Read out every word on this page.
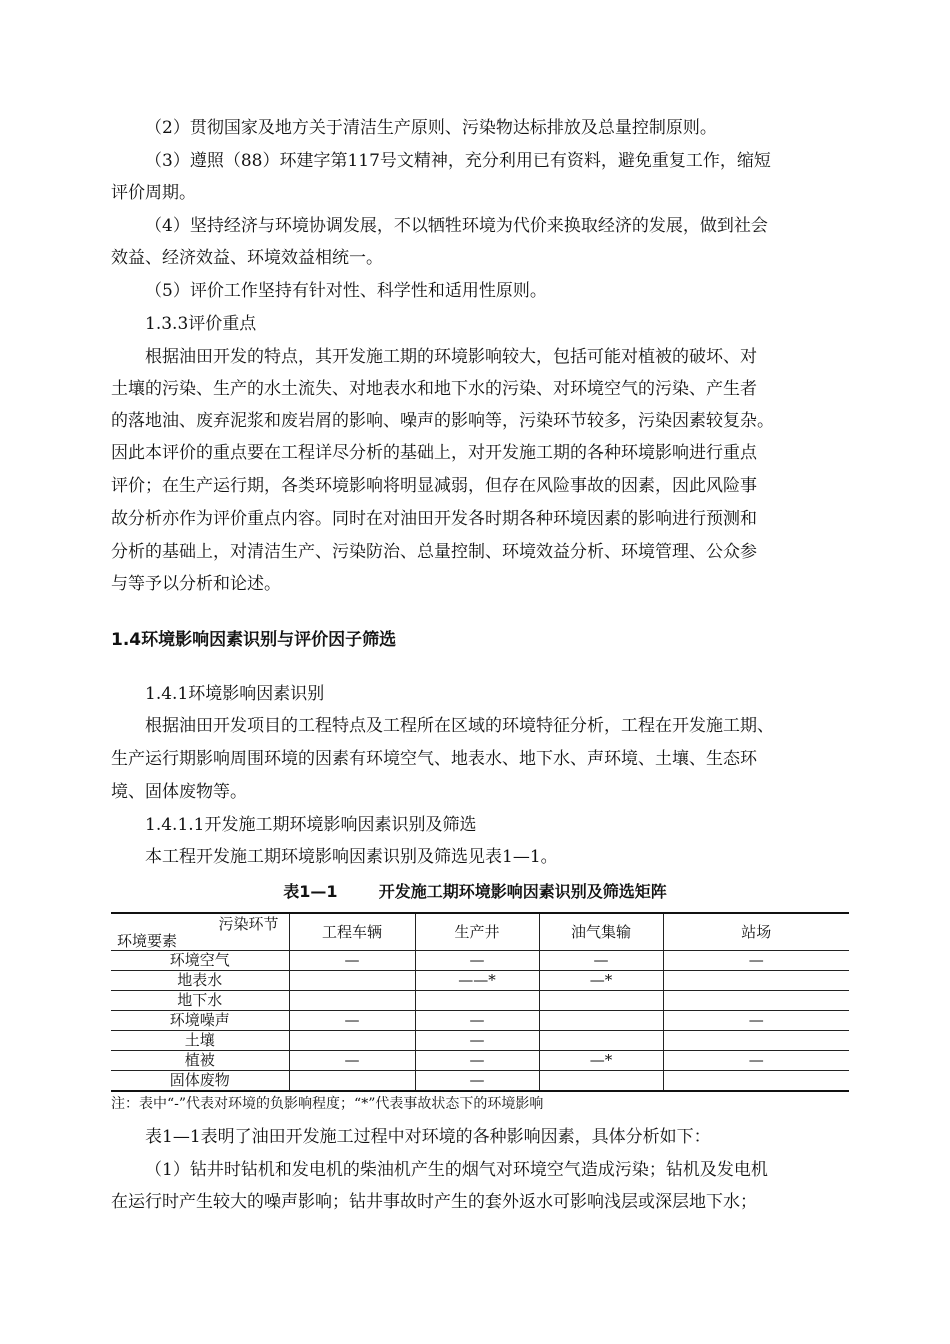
（2）贯彻国家及地方关于清洁生产原则、污染物达标排放及总量控制原则。
（3）遵照（88）环建字第117号文精神，充分利用已有资料，避免重复工作，缩短
评价周期。
（4）坚持经济与环境协调发展，不以牺牲环境为代价来换取经济的发展，做到社会
效益、经济效益、环境效益相统一。
（5）评价工作坚持有针对性、科学性和适用性原则。
1.3.3评价重点
根据油田开发的特点，其开发施工期的环境影响较大，包括可能对植被的破坏、对
土壤的污染、生产的水土流失、对地表水和地下水的污染、对环境空气的污染、产生者
的落地油、废弃泥浆和废岩屑的影响、噪声的影响等，污染环节较多，污染因素较复杂。
因此本评价的重点要在工程详尽分析的基础上，对开发施工期的各种环境影响进行重点
评价；在生产运行期，各类环境影响将明显减弱，但存在风险事故的因素，因此风险事
故分析亦作为评价重点内容。同时在对油田开发各时期各种环境因素的影响进行预测和
分析的基础上，对清洁生产、污染防治、总量控制、环境效益分析、环境管理、公众参
与等予以分析和论述。
1.4环境影响因素识别与评价因子筛选
1.4.1环境影响因素识别
根据油田开发项目的工程特点及工程所在区域的环境特征分析，工程在开发施工期、
生产运行期影响周围环境的因素有环境空气、地表水、地下水、声环境、土壤、生态环
境、固体废物等。
1.4.1.1开发施工期环境影响因素识别及筛选
本工程开发施工期环境影响因素识别及筛选见表1—1。
表1—1	开发施工期环境影响因素识别及筛选矩阵
污染环节
环境要素	工程车辆	生产井	油气集输	站场
环境空气	—	—	—	—
地表水		——*	—*	
地下水				
环境噪声	—	—		—
土壤		—		
植被	—	—	—*	—
固体废物		—		
注：表中“-”代表对环境的负影响程度；“*”代表事故状态下的环境影响
表1—1表明了油田开发施工过程中对环境的各种影响因素，具体分析如下：
（1）钻井时钻机和发电机的柴油机产生的烟气对环境空气造成污染；钻机及发电机
在运行时产生较大的噪声影响；钻井事故时产生的套外返水可影响浅层或深层地下水；
